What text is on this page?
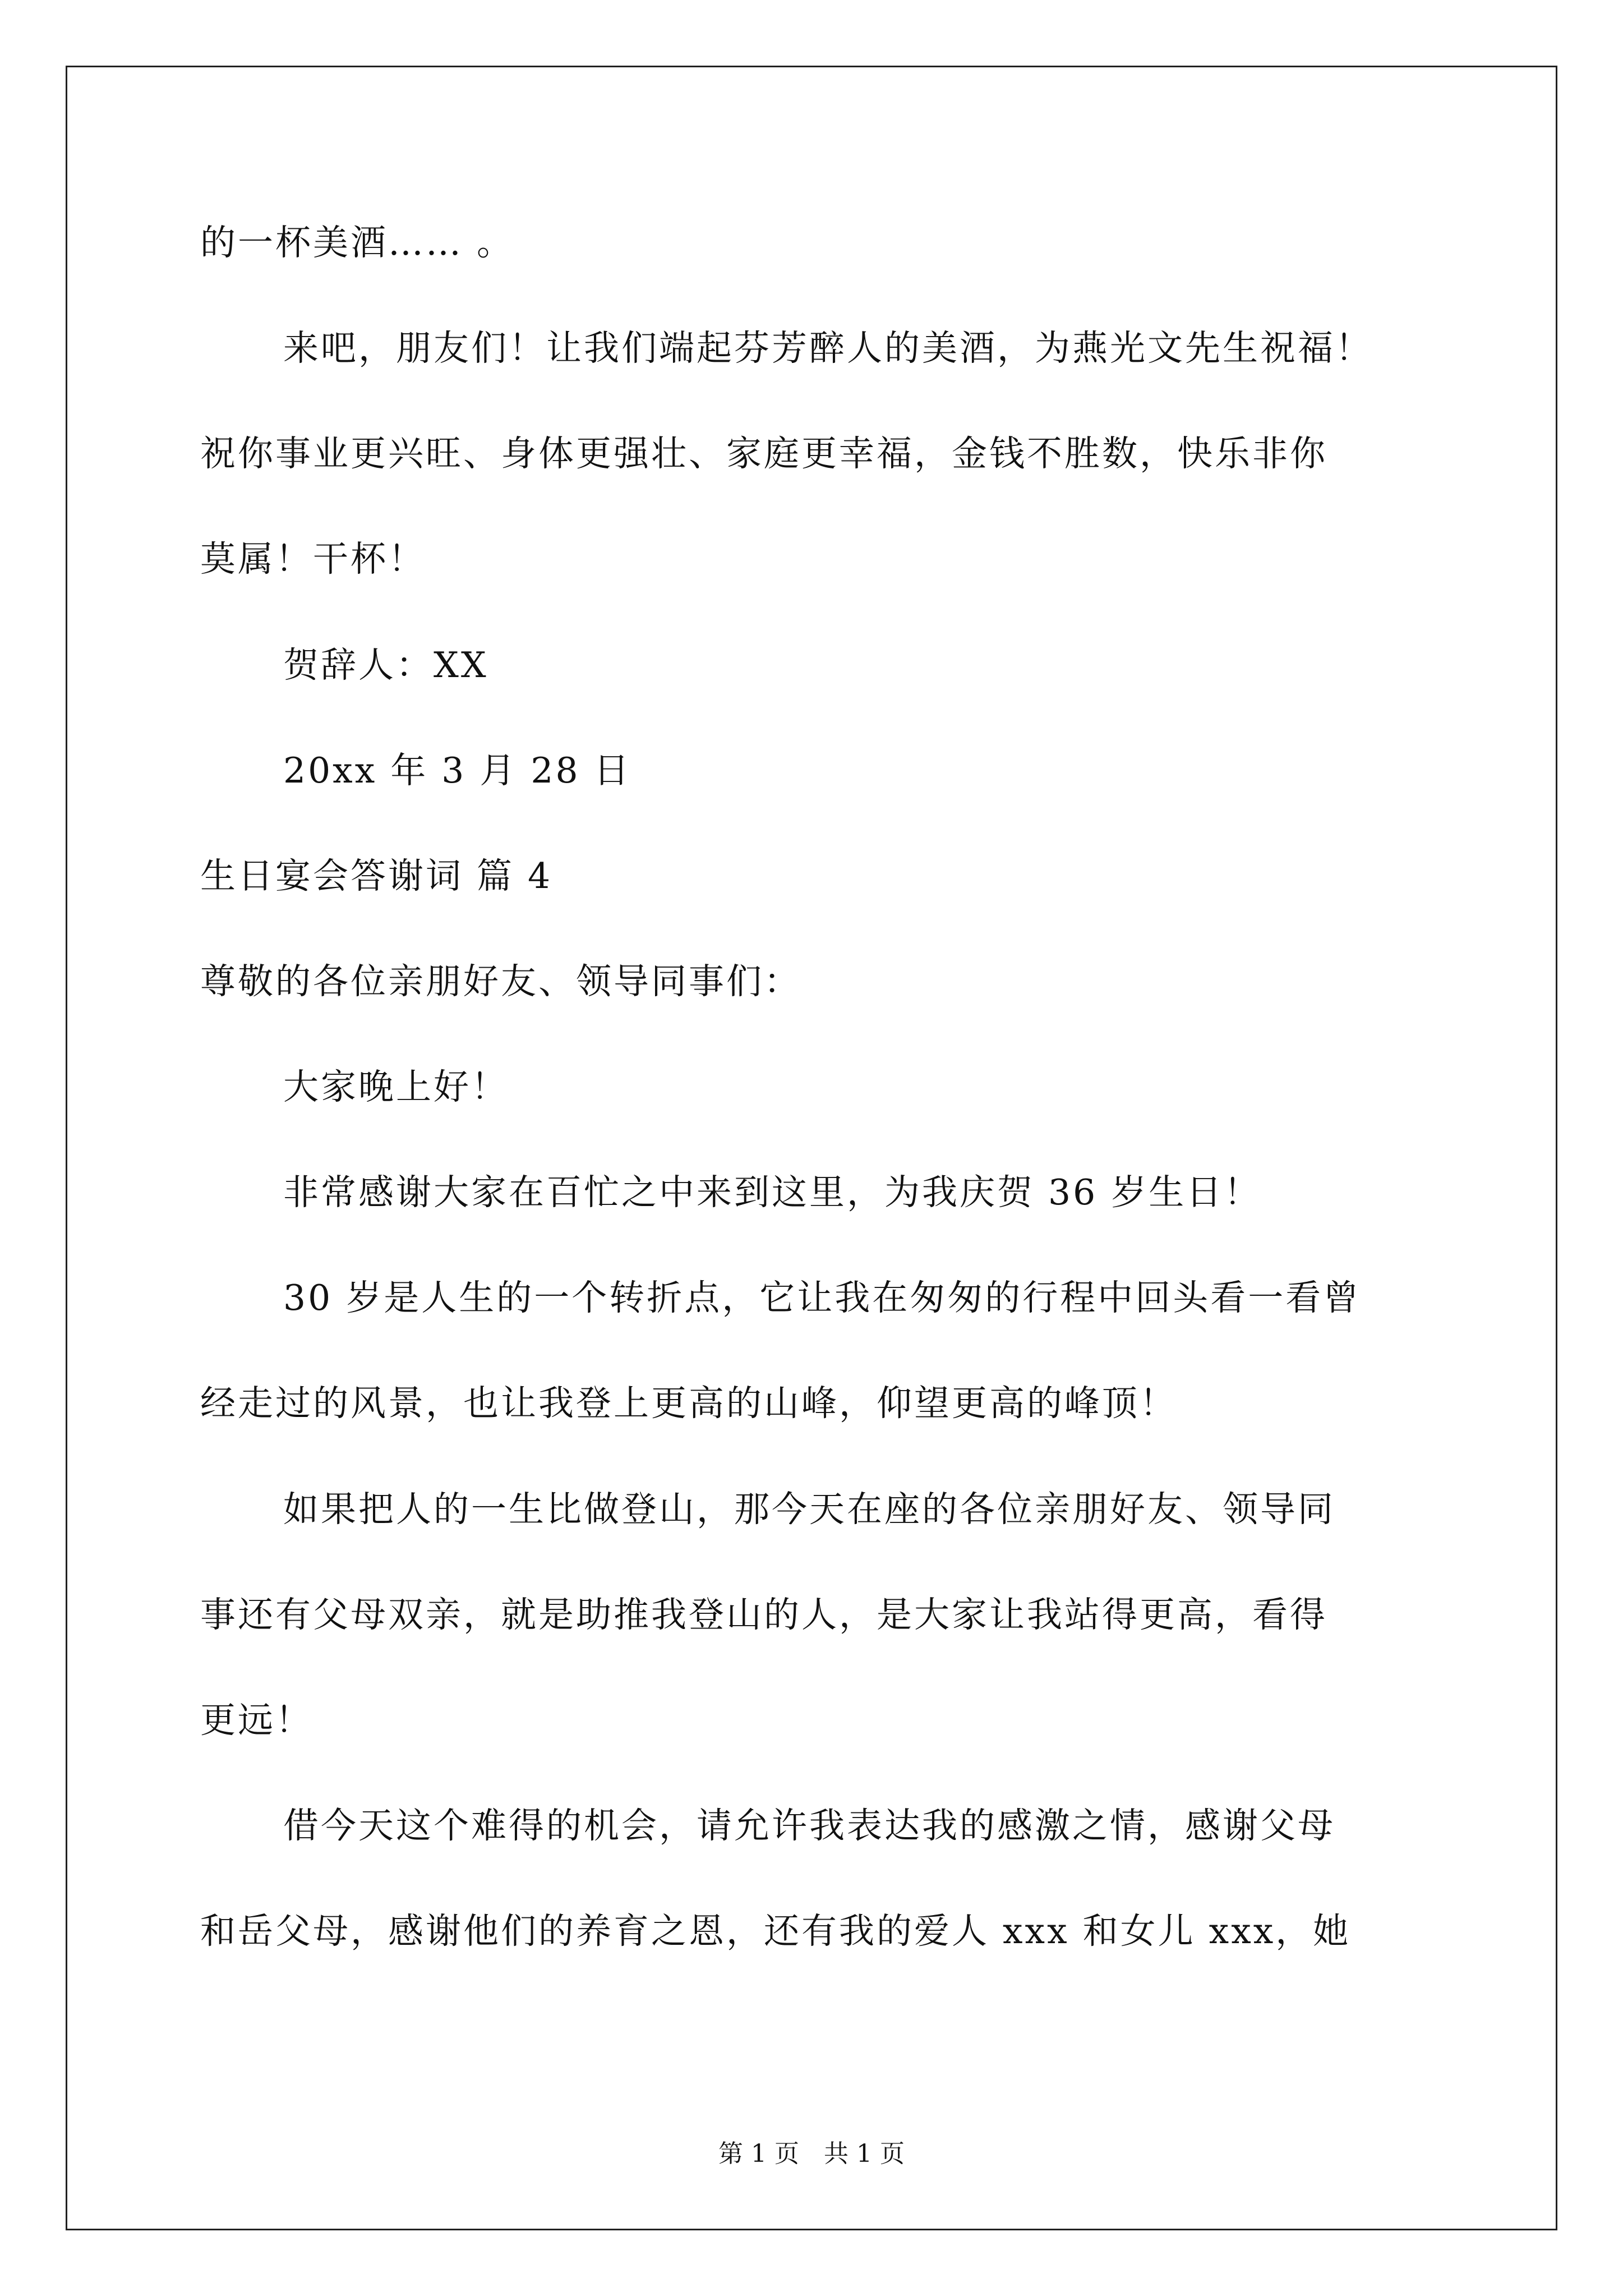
的一杯美酒…… 。
来吧，朋友们！让我们端起芬芳醉人的美酒，为燕光文先生祝福！
祝你事业更兴旺、身体更强壮、家庭更幸福，金钱不胜数，快乐非你
莫属！干杯！
贺辞人：XX
20xx 年 3 月 28 日
生日宴会答谢词 篇 4
尊敬的各位亲朋好友、领导同事们：
大家晚上好！
非常感谢大家在百忙之中来到这里，为我庆贺 36 岁生日！
30 岁是人生的一个转折点，它让我在匆匆的行程中回头看一看曾
经走过的风景，也让我登上更高的山峰，仰望更高的峰顶！
如果把人的一生比做登山，那今天在座的各位亲朋好友、领导同
事还有父母双亲，就是助推我登山的人，是大家让我站得更高，看得
更远！
借今天这个难得的机会，请允许我表达我的感激之情，感谢父母
和岳父母，感谢他们的养育之恩，还有我的爱人 xxx 和女儿 xxx，她
第 1 页　共 1 页
